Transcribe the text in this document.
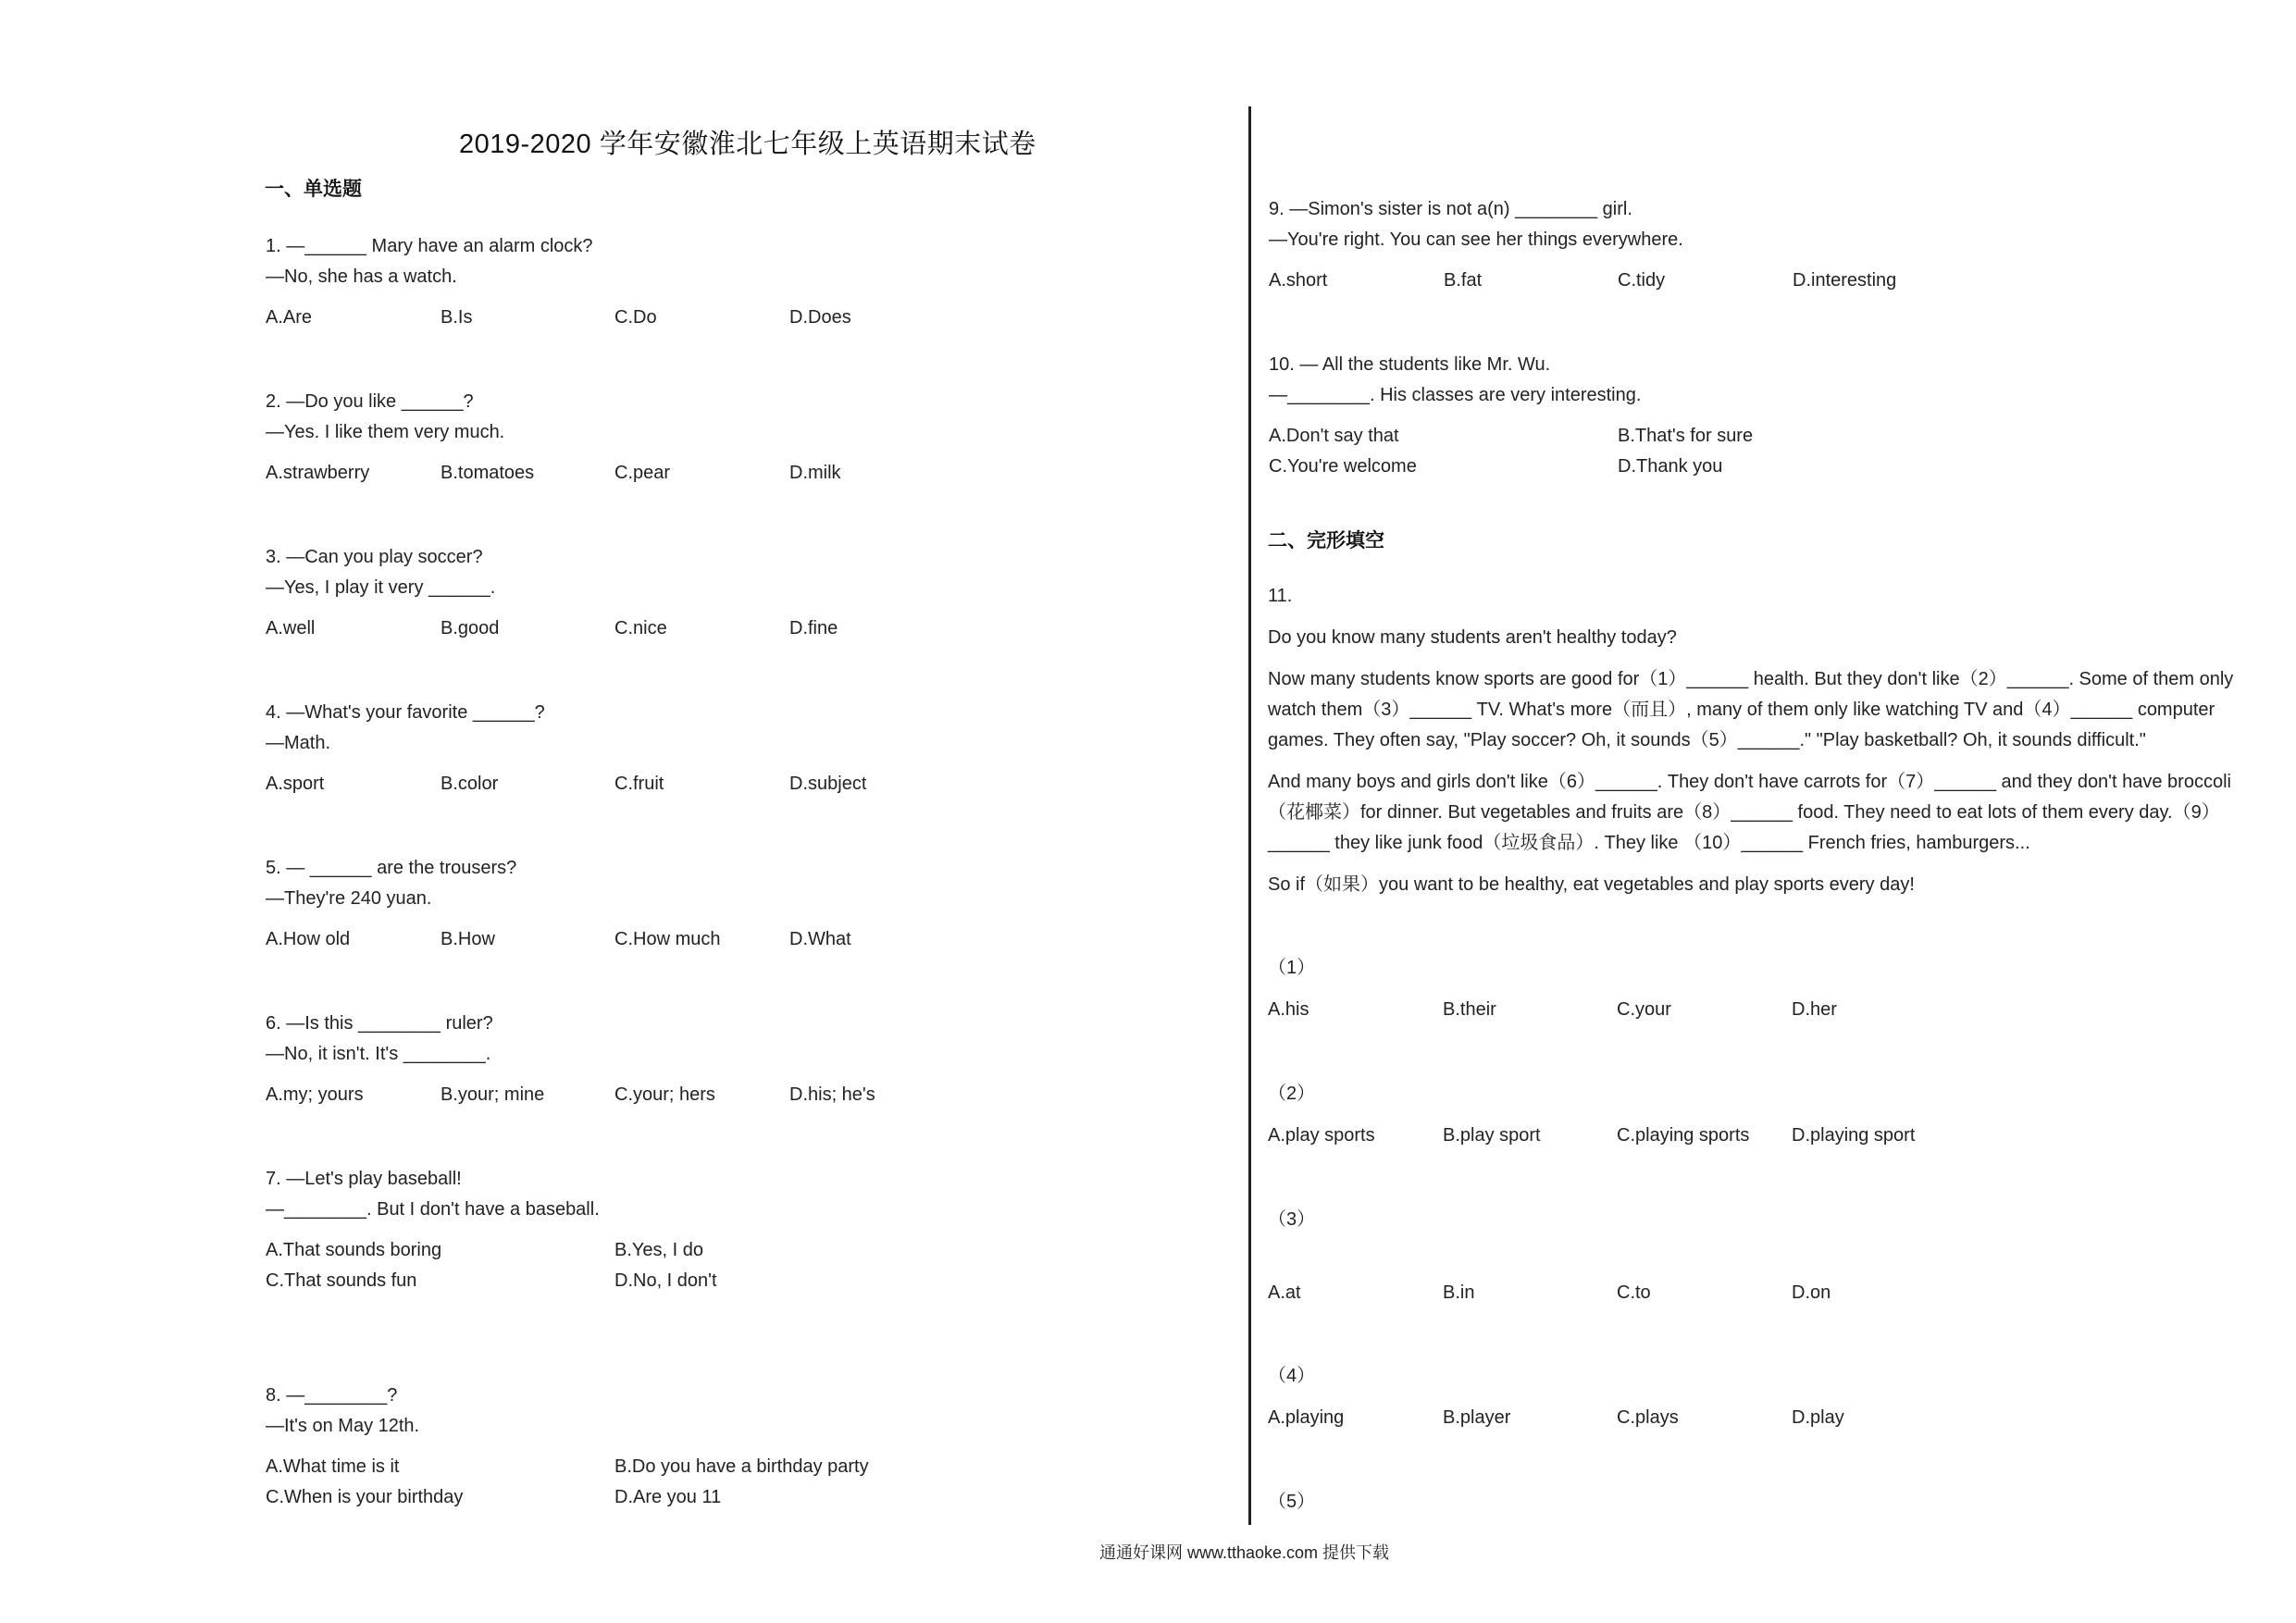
2019-2020 学年安徽淮北七年级上英语期末试卷
一、单选题
1. —______ Mary have an alarm clock?
—No, she has a watch.
A.Are	B.Is	C.Do	D.Does
2. —Do you like ______?
—Yes. I like them very much.
A.strawberry	B.tomatoes	C.pear	D.milk
3. —Can you play soccer?
—Yes, I play it very ______.
A.well	B.good	C.nice	D.fine
4. —What's your favorite ______?
—Math.
A.sport	B.color	C.fruit	D.subject
5. — ______ are the trousers?
—They're 240 yuan.
A.How old	B.How	C.How much	D.What
6. —Is this ________ ruler?
—No, it isn't. It's ________.
A.my; yours	B.your; mine	C.your; hers	D.his; he's
7. —Let's play baseball!
—________. But I don't have a baseball.
A.That sounds boring	B.Yes, I do
C.That sounds fun	D.No, I don't
8. —________?
—It's on May 12th.
A.What time is it	B.Do you have a birthday party
C.When is your birthday	D.Are you 11
9. —Simon's sister is not a(n) ________ girl.
—You're right. You can see her things everywhere.
A.short	B.fat	C.tidy	D.interesting
10. — All the students like Mr. Wu.
—________. His classes are very interesting.
A.Don't say that	B.That's for sure
C.You're welcome	D.Thank you
二、完形填空

11.

Do you know many students aren't healthy today?

Now many students know sports are good for（1）______ health. But they don't like（2）______. Some of them only watch them（3）______ TV. What's more（而且）, many of them only like watching TV and（4）______ computer games. They often say, "Play soccer? Oh, it sounds（5）______." "Play basketball? Oh, it sounds difficult."

And many boys and girls don't like（6）______. They don't have carrots for（7）______ and they don't have broccoli（花椰菜）for dinner. But vegetables and fruits are（8）______ food. They need to eat lots of them every day.（9）______ they like junk food（垃圾食品）. They like （10）______ French fries, hamburgers...

So if（如果）you want to be healthy, eat vegetables and play sports every day!

（1）
A.his	B.their	C.your	D.her
（2）
A.play sports	B.play sport	C.playing sports D.playing sport
（3）
A.at	B.in	C.to	D.on
（4）
A.playing	B.player	C.plays	D.play
（5）
通通好课网 www.tthaoke.com 提供下载
